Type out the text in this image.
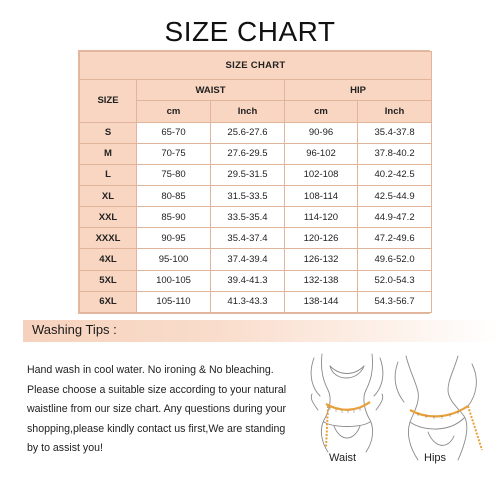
SIZE CHART
SIZE CHART				
SIZE	WAIST		HIP	
	cm	Inch	cm	Inch
S	65-70	25.6-27.6	90-96	35.4-37.8
M	70-75	27.6-29.5	96-102	37.8-40.2
L	75-80	29.5-31.5	102-108	40.2-42.5
XL	80-85	31.5-33.5	108-114	42.5-44.9
XXL	85-90	33.5-35.4	114-120	44.9-47.2
XXXL	90-95	35.4-37.4	120-126	47.2-49.6
4XL	95-100	37.4-39.4	126-132	49.6-52.0
5XL	100-105	39.4-41.3	132-138	52.0-54.3
6XL	105-110	41.3-43.3	138-144	54.3-56.7
Washing Tips :

Hand wash in cool water. No ironing & No bleaching.

Please choose a suitable size according to your natural

waistline from our size chart. Any questions during your

shopping,please kindly contact us first,We are standing

by to assist you!

Waist	Hips
